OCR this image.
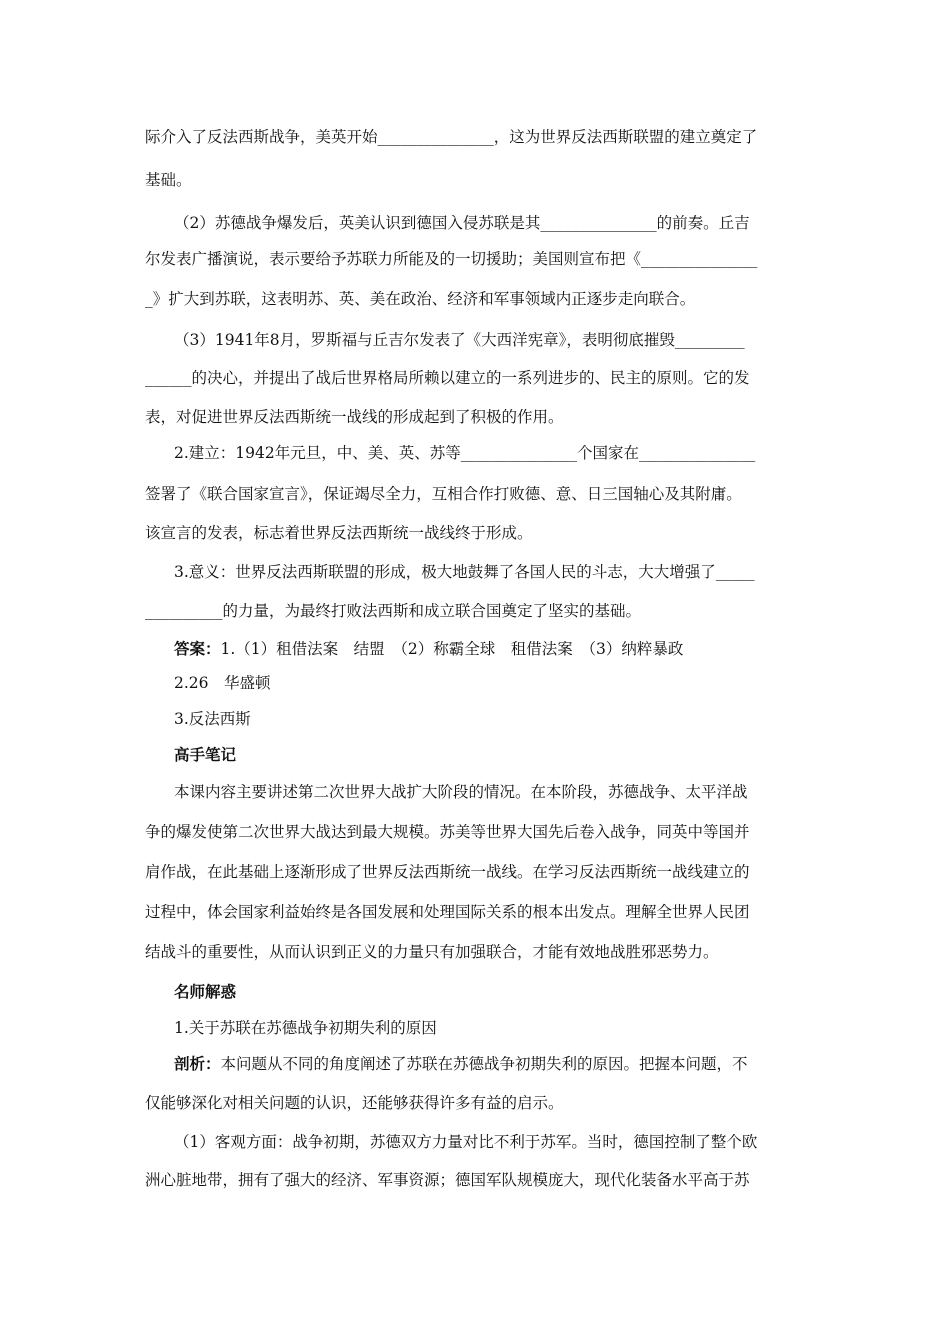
际介入了反法西斯战争，美英开始_______________，这为世界反法西斯联盟的建立奠定了
基础。
（2）苏德战争爆发后，英美认识到德国入侵苏联是其_______________的前奏。丘吉
尔发表广播演说，表示要给予苏联力所能及的一切援助；美国则宣布把《_______________
_》扩大到苏联，这表明苏、英、美在政治、经济和军事领域内正逐步走向联合。
（3）1941年8月，罗斯福与丘吉尔发表了《大西洋宪章》，表明彻底摧毁_________
______的决心，并提出了战后世界格局所赖以建立的一系列进步的、民主的原则。它的发
表，对促进世界反法西斯统一战线的形成起到了积极的作用。
2.建立：1942年元旦，中、美、英、苏等_______________个国家在_______________
签署了《联合国家宣言》，保证竭尽全力，互相合作打败德、意、日三国轴心及其附庸。
该宣言的发表，标志着世界反法西斯统一战线终于形成。
3.意义：世界反法西斯联盟的形成，极大地鼓舞了各国人民的斗志，大大增强了_____
__________的力量，为最终打败法西斯和成立联合国奠定了坚实的基础。
答案：1.（1）租借法案　结盟　（2）称霸全球　租借法案　（3）纳粹暴政
2.26　华盛顿
3.反法西斯
高手笔记
本课内容主要讲述第二次世界大战扩大阶段的情况。在本阶段，苏德战争、太平洋战
争的爆发使第二次世界大战达到最大规模。苏美等世界大国先后卷入战争，同英中等国并
肩作战，在此基础上逐渐形成了世界反法西斯统一战线。在学习反法西斯统一战线建立的
过程中，体会国家利益始终是各国发展和处理国际关系的根本出发点。理解全世界人民团
结战斗的重要性，从而认识到正义的力量只有加强联合，才能有效地战胜邪恶势力。
名师解惑
1.关于苏联在苏德战争初期失利的原因
剖析：本问题从不同的角度阐述了苏联在苏德战争初期失利的原因。把握本问题，不
仅能够深化对相关问题的认识，还能够获得许多有益的启示。
（1）客观方面：战争初期，苏德双方力量对比不利于苏军。当时，德国控制了整个欧
洲心脏地带，拥有了强大的经济、军事资源；德国军队规模庞大，现代化装备水平高于苏
